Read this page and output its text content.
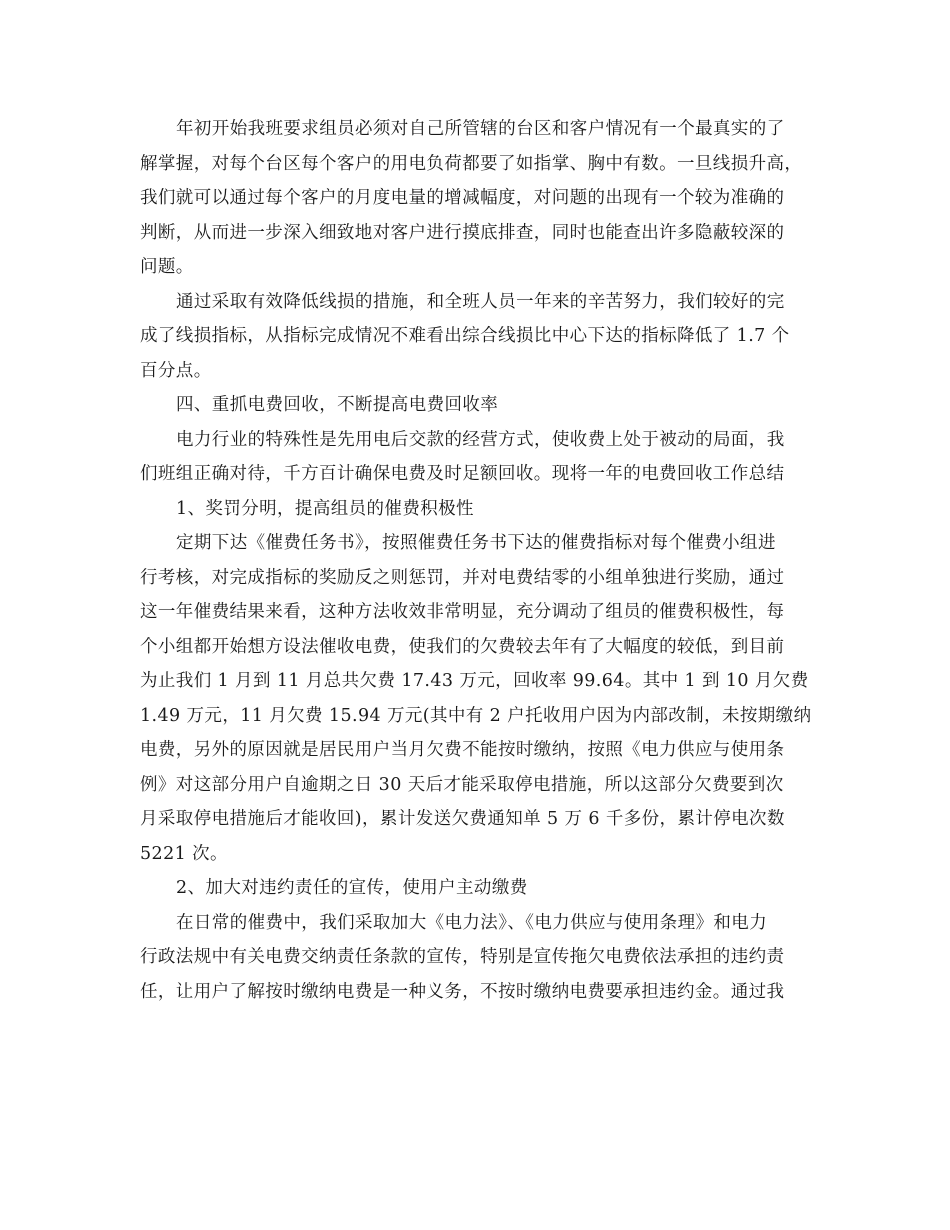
年初开始我班要求组员必须对自己所管辖的台区和客户情况有一个最真实的了
解掌握，对每个台区每个客户的用电负荷都要了如指掌、胸中有数。一旦线损升高，
我们就可以通过每个客户的月度电量的增减幅度，对问题的出现有一个较为准确的
判断，从而进一步深入细致地对客户进行摸底排查，同时也能查出许多隐蔽较深的
问题。
通过采取有效降低线损的措施，和全班人员一年来的辛苦努力，我们较好的完
成了线损指标，从指标完成情况不难看出综合线损比中心下达的指标降低了 1.7 个
百分点。
四、重抓电费回收，不断提高电费回收率
电力行业的特殊性是先用电后交款的经营方式，使收费上处于被动的局面，我
们班组正确对待，千方百计确保电费及时足额回收。现将一年的电费回收工作总结
1、奖罚分明，提高组员的催费积极性
定期下达《催费任务书》，按照催费任务书下达的催费指标对每个催费小组进
行考核，对完成指标的奖励反之则惩罚，并对电费结零的小组单独进行奖励，通过
这一年催费结果来看，这种方法收效非常明显，充分调动了组员的催费积极性，每
个小组都开始想方设法催收电费，使我们的欠费较去年有了大幅度的较低，到目前
为止我们 1 月到 11 月总共欠费 17.43 万元，回收率 99.64。其中 1 到 10 月欠费
1.49 万元，11 月欠费 15.94 万元(其中有 2 户托收用户因为内部改制，未按期缴纳
电费，另外的原因就是居民用户当月欠费不能按时缴纳，按照《电力供应与使用条
例》对这部分用户自逾期之日 30 天后才能采取停电措施，所以这部分欠费要到次
月采取停电措施后才能收回)，累计发送欠费通知单 5 万 6 千多份，累计停电次数
5221 次。
2、加大对违约责任的宣传，使用户主动缴费
在日常的催费中，我们采取加大《电力法》、《电力供应与使用条理》和电力
行政法规中有关电费交纳责任条款的宣传，特别是宣传拖欠电费依法承担的违约责
任，让用户了解按时缴纳电费是一种义务，不按时缴纳电费要承担违约金。通过我
